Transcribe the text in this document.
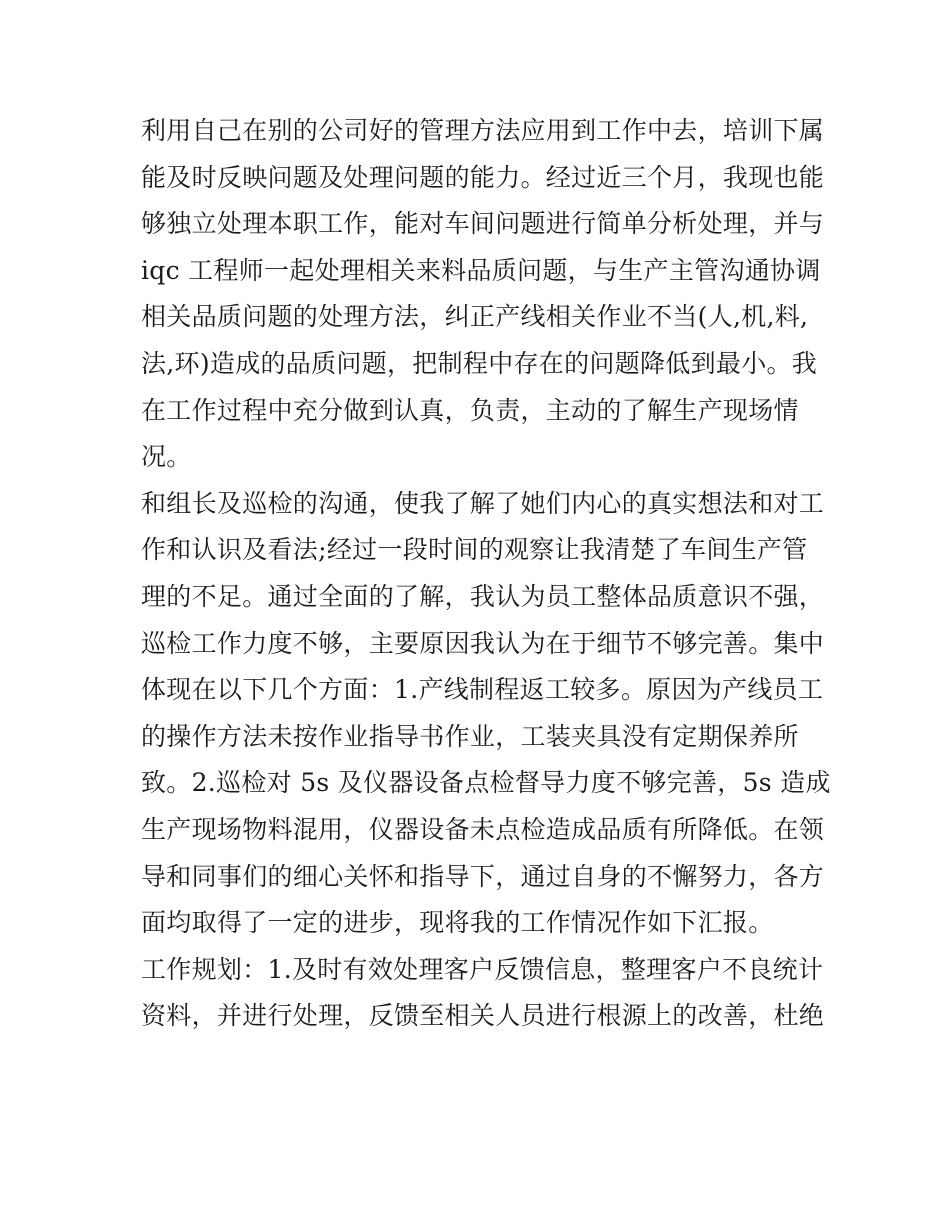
利用自己在别的公司好的管理方法应用到工作中去，培训下属
能及时反映问题及处理问题的能力。经过近三个月，我现也能
够独立处理本职工作，能对车间问题进行简单分析处理，并与
iqc 工程师一起处理相关来料品质问题，与生产主管沟通协调
相关品质问题的处理方法，纠正产线相关作业不当(人,机,料,
法,环)造成的品质问题，把制程中存在的问题降低到最小。我
在工作过程中充分做到认真，负责，主动的了解生产现场情
况。

和组长及巡检的沟通，使我了解了她们内心的真实想法和对工
作和认识及看法;经过一段时间的观察让我清楚了车间生产管
理的不足。通过全面的了解，我认为员工整体品质意识不强，
巡检工作力度不够，主要原因我认为在于细节不够完善。集中
体现在以下几个方面：1.产线制程返工较多。原因为产线员工
的操作方法未按作业指导书作业，工装夹具没有定期保养所
致。2.巡检对 5s 及仪器设备点检督导力度不够完善，5s 造成
生产现场物料混用，仪器设备未点检造成品质有所降低。在领
导和同事们的细心关怀和指导下，通过自身的不懈努力，各方
面均取得了一定的进步，现将我的工作情况作如下汇报。

工作规划：1.及时有效处理客户反馈信息，整理客户不良统计
资料，并进行处理，反馈至相关人员进行根源上的改善，杜绝
